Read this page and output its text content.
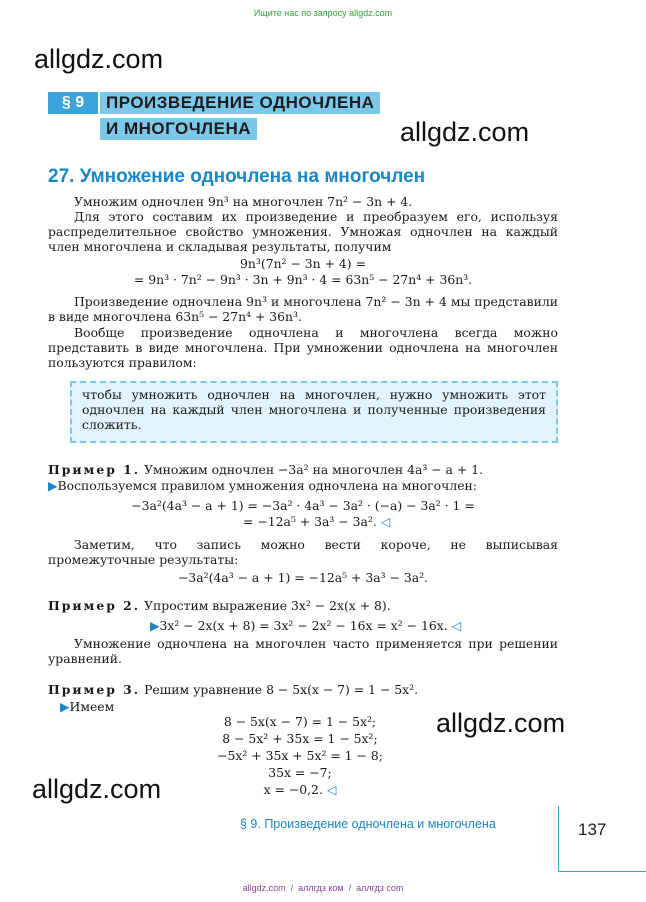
Ищите нас по запросу allgdz.com
allgdz.com
allgdz.com
allgdz.com
allgdz.com
§ 9	ПРОИЗВЕДЕНИЕ ОДНОЧЛЕНА
И МНОГОЧЛЕНА
27. Умножение одночлена на многочлен
Умножим одночлен 9n³ на многочлен 7n² − 3n + 4.
Для этого составим их произведение и преобразуем его, используя распределительное свойство умножения. Умножая одночлен на каждый член многочлена и складывая результаты, получим
9n³(7n² − 3n + 4) =
= 9n³ · 7n² − 9n³ · 3n + 9n³ · 4 = 63n⁵ − 27n⁴ + 36n³.
Произведение одночлена 9n³ и многочлена 7n² − 3n + 4 мы представили в виде многочлена 63n⁵ − 27n⁴ + 36n³.
Вообще произведение одночлена и многочлена всегда можно представить в виде многочлена. При умножении одночлена на многочлен пользуются правилом:
чтобы умножить одночлен на многочлен, нужно умножить этот одночлен на каждый член многочлена и полученные произведения сложить.
Пример 1. Умножим одночлен −3a² на многочлен 4a³ − a + 1.
▶Воспользуемся правилом умножения одночлена на многочлен:
−3a²(4a³ − a + 1) = −3a² · 4a³ − 3a² · (−a) − 3a² · 1 =
= −12a⁵ + 3a³ − 3a². ◁
Заметим, что запись можно вести короче, не выписывая промежуточные результаты:
−3a²(4a³ − a + 1) = −12a⁵ + 3a³ − 3a².
Пример 2. Упростим выражение 3x² − 2x(x + 8).
▶3x² − 2x(x + 8) = 3x² − 2x² − 16x = x² − 16x. ◁
Умножение одночлена на многочлен часто применяется при решении уравнений.
Пример 3. Решим уравнение 8 − 5x(x − 7) = 1 − 5x².
▶Имеем
8 − 5x(x − 7) = 1 − 5x²;
8 − 5x² + 35x = 1 − 5x²;
−5x² + 35x + 5x² = 1 − 8;
35x = −7;
x = −0,2. ◁
§ 9. Произведение одночлена и многочлена	137
allgdz.com  /  аллгдз ком  /  аллгдз com
